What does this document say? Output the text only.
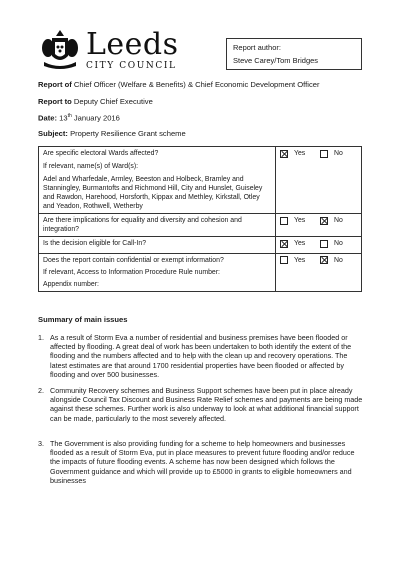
Leeds
CITY COUNCIL
Report author:
Steve Carey/Tom Bridges
Report of Chief Officer (Welfare & Benefits) & Chief Economic Development Officer
Report to Deputy Chief Executive
Date: 13th January 2016
Subject: Property Resilience Grant scheme
Are specific electoral Wards affected?
If relevant, name(s) of Ward(s):
Adel and Wharfedale, Armley, Beeston and Holbeck, Bramley and Stanningley, Burmantofts and Richmond Hill, City and Hunslet, Guiseley and Rawdon, Harehood, Horsforth, Kippax and Methley, Kirkstall, Otley and Yeadon, Rothwell, Wetherby	Yes	No

Are there implications for equality and diversity and cohesion and integration?	Yes	No

Is the decision eligible for Call-In?	Yes	No

Does the report contain confidential or exempt information?
If relevant, Access to Information Procedure Rule number:
Appendix number:	Yes	No
Summary of main issues
1. As a result of Storm Eva a number of residential and business premises have been flooded or affected by flooding. A great deal of work has been undertaken to both identify the extent of the flooding and the numbers affected and to help with the clean up and recovery operations. The latest estimates are that around 1700 residential properties have been flooded or affected by flooding and over 500 businesses.
2. Community Recovery schemes and Business Support schemes have been put in place already alongside Council Tax Discount and Business Rate Relief schemes and payments are being made against these schemes. Further work is also underway to look at what additional financial support can be made, particularly to the most severely affected.
3. The Government is also providing funding for a scheme to help homeowners and businesses flooded as a result of Storm Eva, put in place measures to prevent future flooding and/or reduce the impacts of future flooding events. A scheme has now been designed which follows the Government guidance and which will provide up to £5000 in grants to eligible homeowners and businesses
